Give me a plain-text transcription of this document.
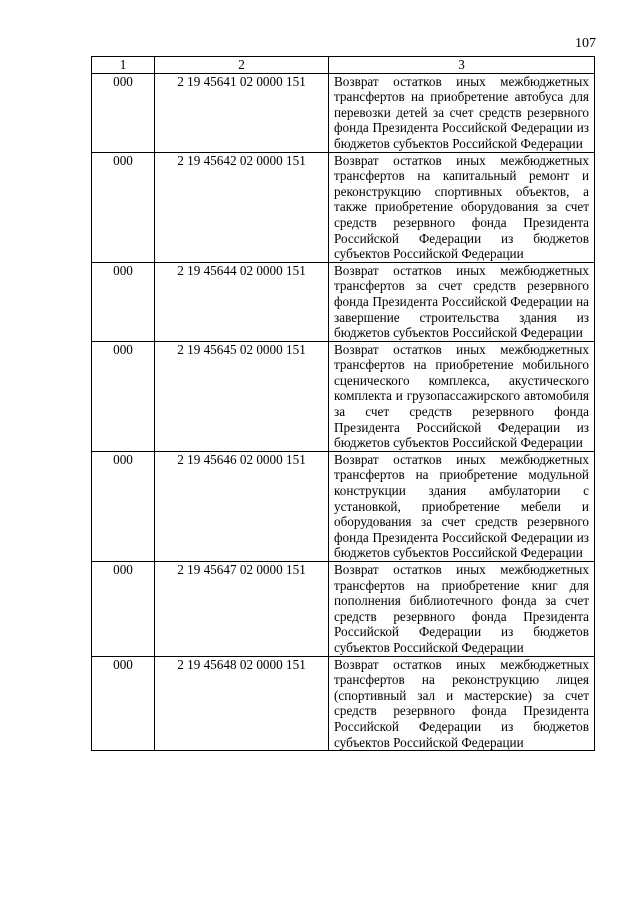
107
1	2	3
000	2 19 45641 02 0000 151	Возврат остатков иных межбюджетных трансфертов на приобретение автобуса для перевозки детей за счет средств резервного фонда Президента Российской Федерации из бюджетов субъектов Российской Федерации
000	2 19 45642 02 0000 151	Возврат остатков иных межбюджетных трансфертов на капитальный ремонт и реконструкцию спортивных объектов, а также приобретение оборудования за счет средств резервного фонда Президента Российской Федерации из бюджетов субъектов Российской Федерации
000	2 19 45644 02 0000 151	Возврат остатков иных межбюджетных трансфертов за счет средств резервного фонда Президента Российской Федерации на завершение строительства здания из бюджетов субъектов Российской Федерации
000	2 19 45645 02 0000 151	Возврат остатков иных межбюджетных трансфертов на приобретение мобильного сценического комплекса, акустического комплекта и грузопассажирского автомобиля за счет средств резервного фонда Президента Российской Федерации из бюджетов субъектов Российской Федерации
000	2 19 45646 02 0000 151	Возврат остатков иных межбюджетных трансфертов на приобретение модульной конструкции здания амбулатории с установкой, приобретение мебели и оборудования за счет средств резервного фонда Президента Российской Федерации из бюджетов субъектов Российской Федерации
000	2 19 45647 02 0000 151	Возврат остатков иных межбюджетных трансфертов на приобретение книг для пополнения библиотечного фонда за счет средств резервного фонда Президента Российской Федерации из бюджетов субъектов Российской Федерации
000	2 19 45648 02 0000 151	Возврат остатков иных межбюджетных трансфертов на реконструкцию лицея (спортивный зал и мастерские) за счет средств резервного фонда Президента Российской Федерации из бюджетов субъектов Российской Федерации
